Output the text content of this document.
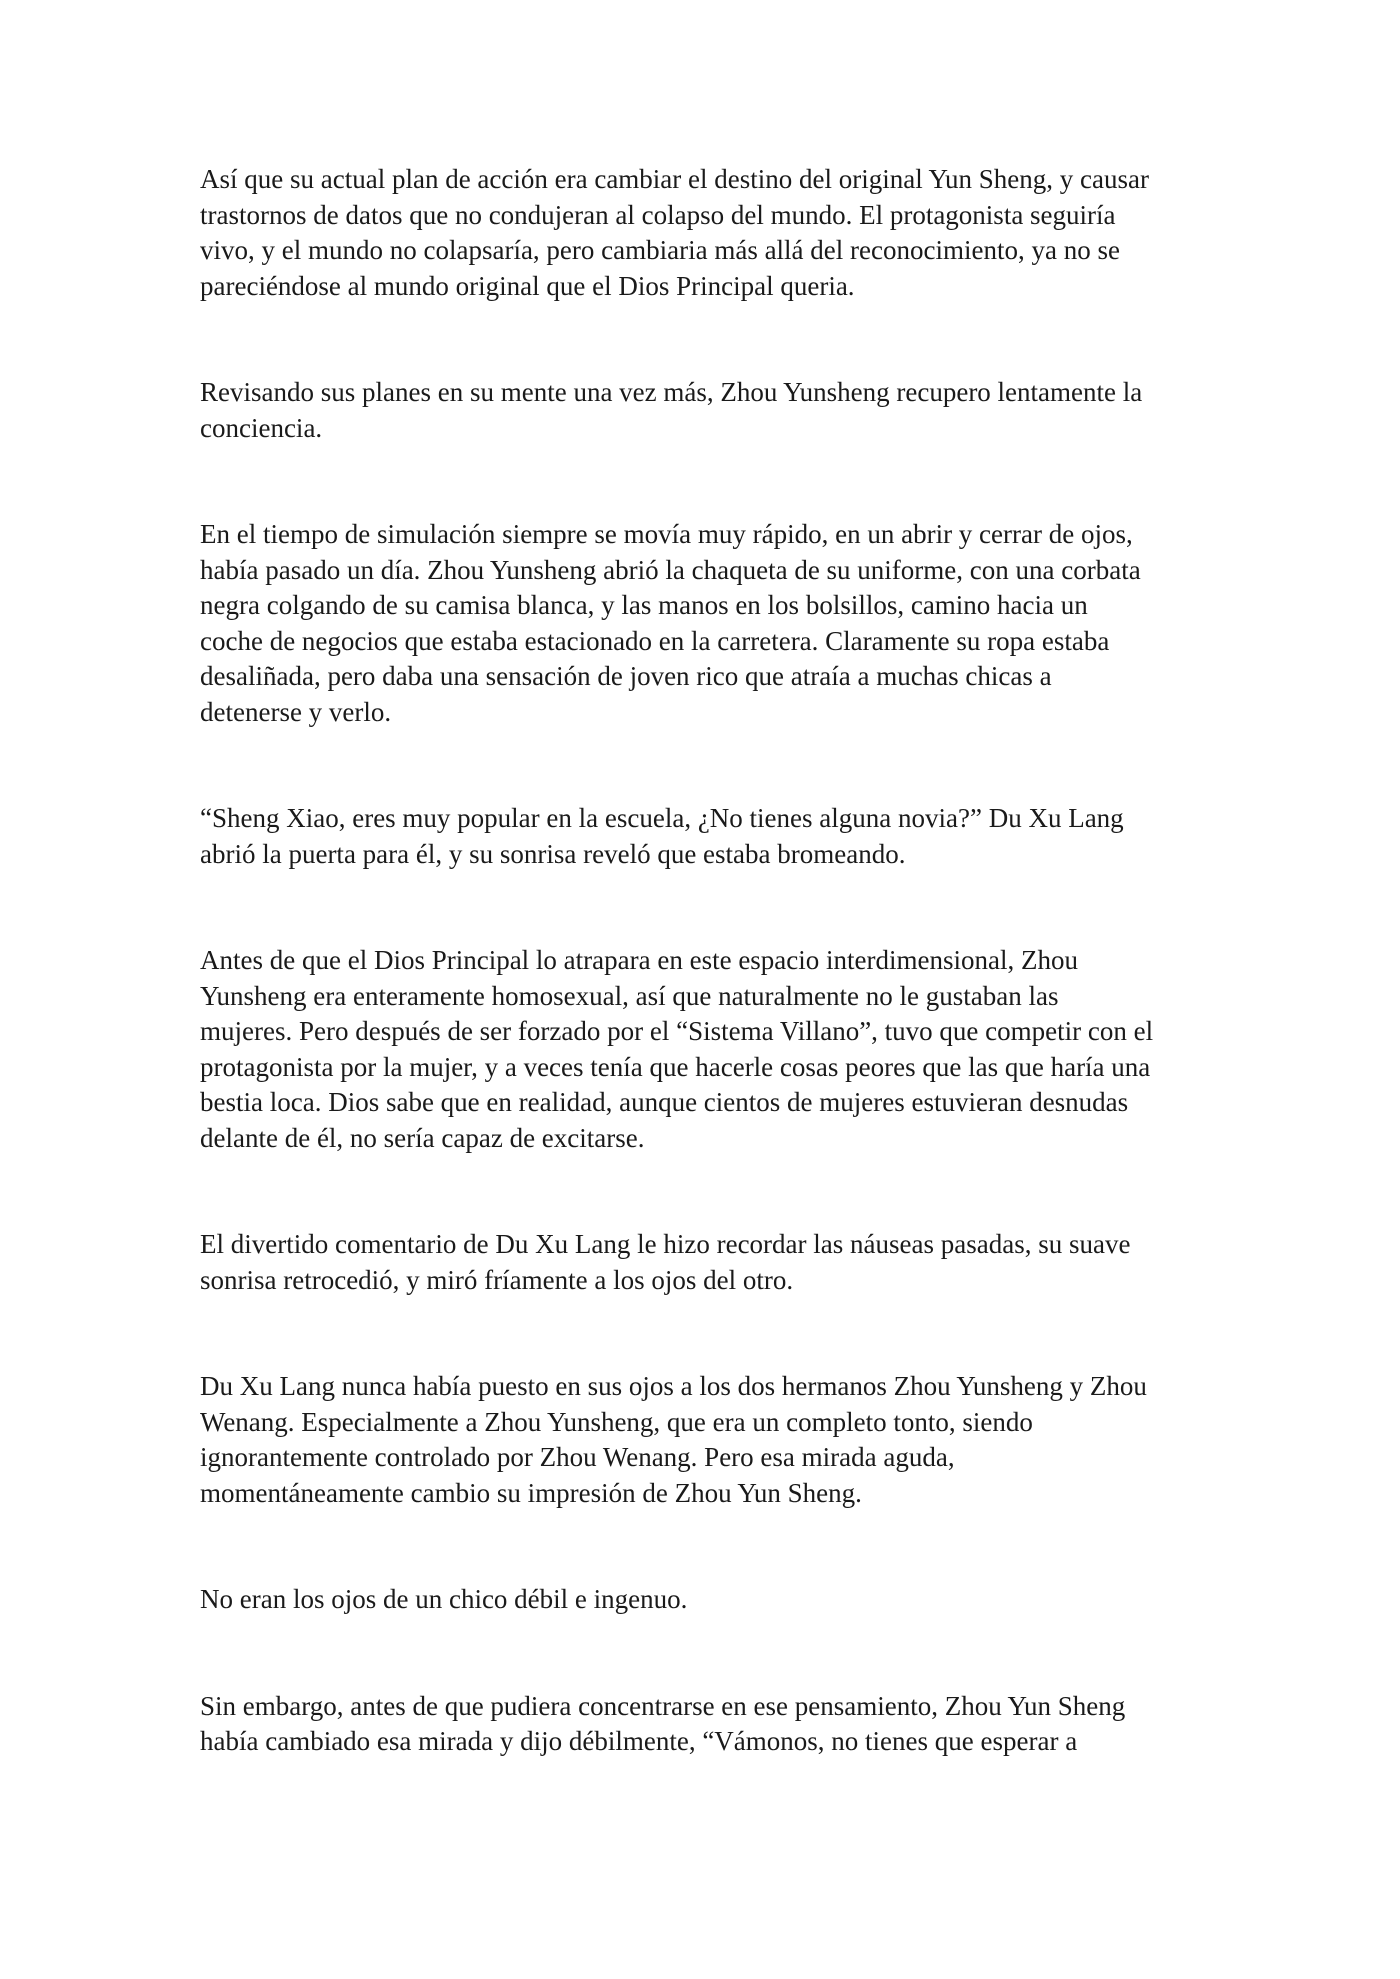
Así que su actual plan de acción era cambiar el destino del original Yun Sheng, y causar
trastornos de datos que no condujeran al colapso del mundo. El protagonista seguiría
vivo, y el mundo no colapsaría, pero cambiaria más allá del reconocimiento, ya no se
pareciéndose al mundo original que el Dios Principal queria.

Revisando sus planes en su mente una vez más, Zhou Yunsheng recupero lentamente la
conciencia.

En el tiempo de simulación siempre se movía muy rápido, en un abrir y cerrar de ojos,
había pasado un día. Zhou Yunsheng abrió la chaqueta de su uniforme, con una corbata
negra colgando de su camisa blanca, y las manos en los bolsillos, camino hacia un
coche de negocios que estaba estacionado en la carretera. Claramente su ropa estaba
desaliñada, pero daba una sensación de joven rico que atraía a muchas chicas a
detenerse y verlo.

“Sheng Xiao, eres muy popular en la escuela, ¿No tienes alguna novia?” Du Xu Lang
abrió la puerta para él, y su sonrisa reveló que estaba bromeando.

Antes de que el Dios Principal lo atrapara en este espacio interdimensional, Zhou
Yunsheng era enteramente homosexual, así que naturalmente no le gustaban las
mujeres. Pero después de ser forzado por el “Sistema Villano”, tuvo que competir con el
protagonista por la mujer, y a veces tenía que hacerle cosas peores que las que haría una
bestia loca. Dios sabe que en realidad, aunque cientos de mujeres estuvieran desnudas
delante de él, no sería capaz de excitarse.

El divertido comentario de Du Xu Lang le hizo recordar las náuseas pasadas, su suave
sonrisa retrocedió, y miró fríamente a los ojos del otro.

Du Xu Lang nunca había puesto en sus ojos a los dos hermanos Zhou Yunsheng y Zhou
Wenang. Especialmente a Zhou Yunsheng, que era un completo tonto, siendo
ignorantemente controlado por Zhou Wenang. Pero esa mirada aguda,
momentáneamente cambio su impresión de Zhou Yun Sheng.

No eran los ojos de un chico débil e ingenuo.

Sin embargo, antes de que pudiera concentrarse en ese pensamiento, Zhou Yun Sheng
había cambiado esa mirada y dijo débilmente, “Vámonos, no tienes que esperar a
